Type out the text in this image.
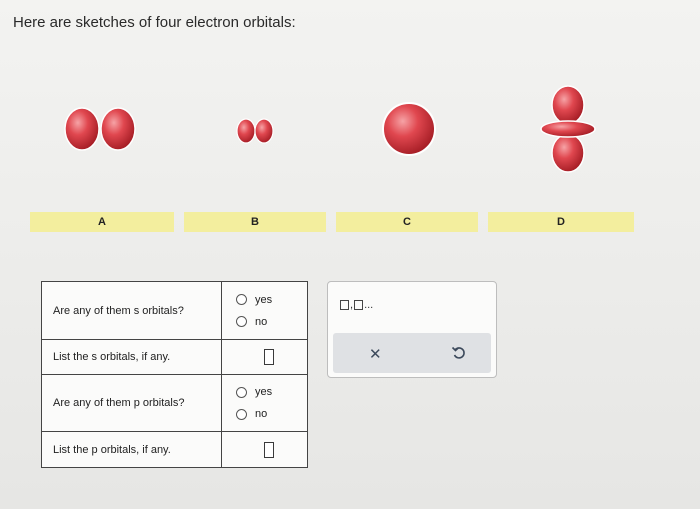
Here are sketches of four electron orbitals:
A	B	C	D
Are any of them s orbitals?	yes
no

List the s orbitals, if any.	

Are any of them p orbitals?	yes
no

List the p orbitals, if any.	
, ...
✕
